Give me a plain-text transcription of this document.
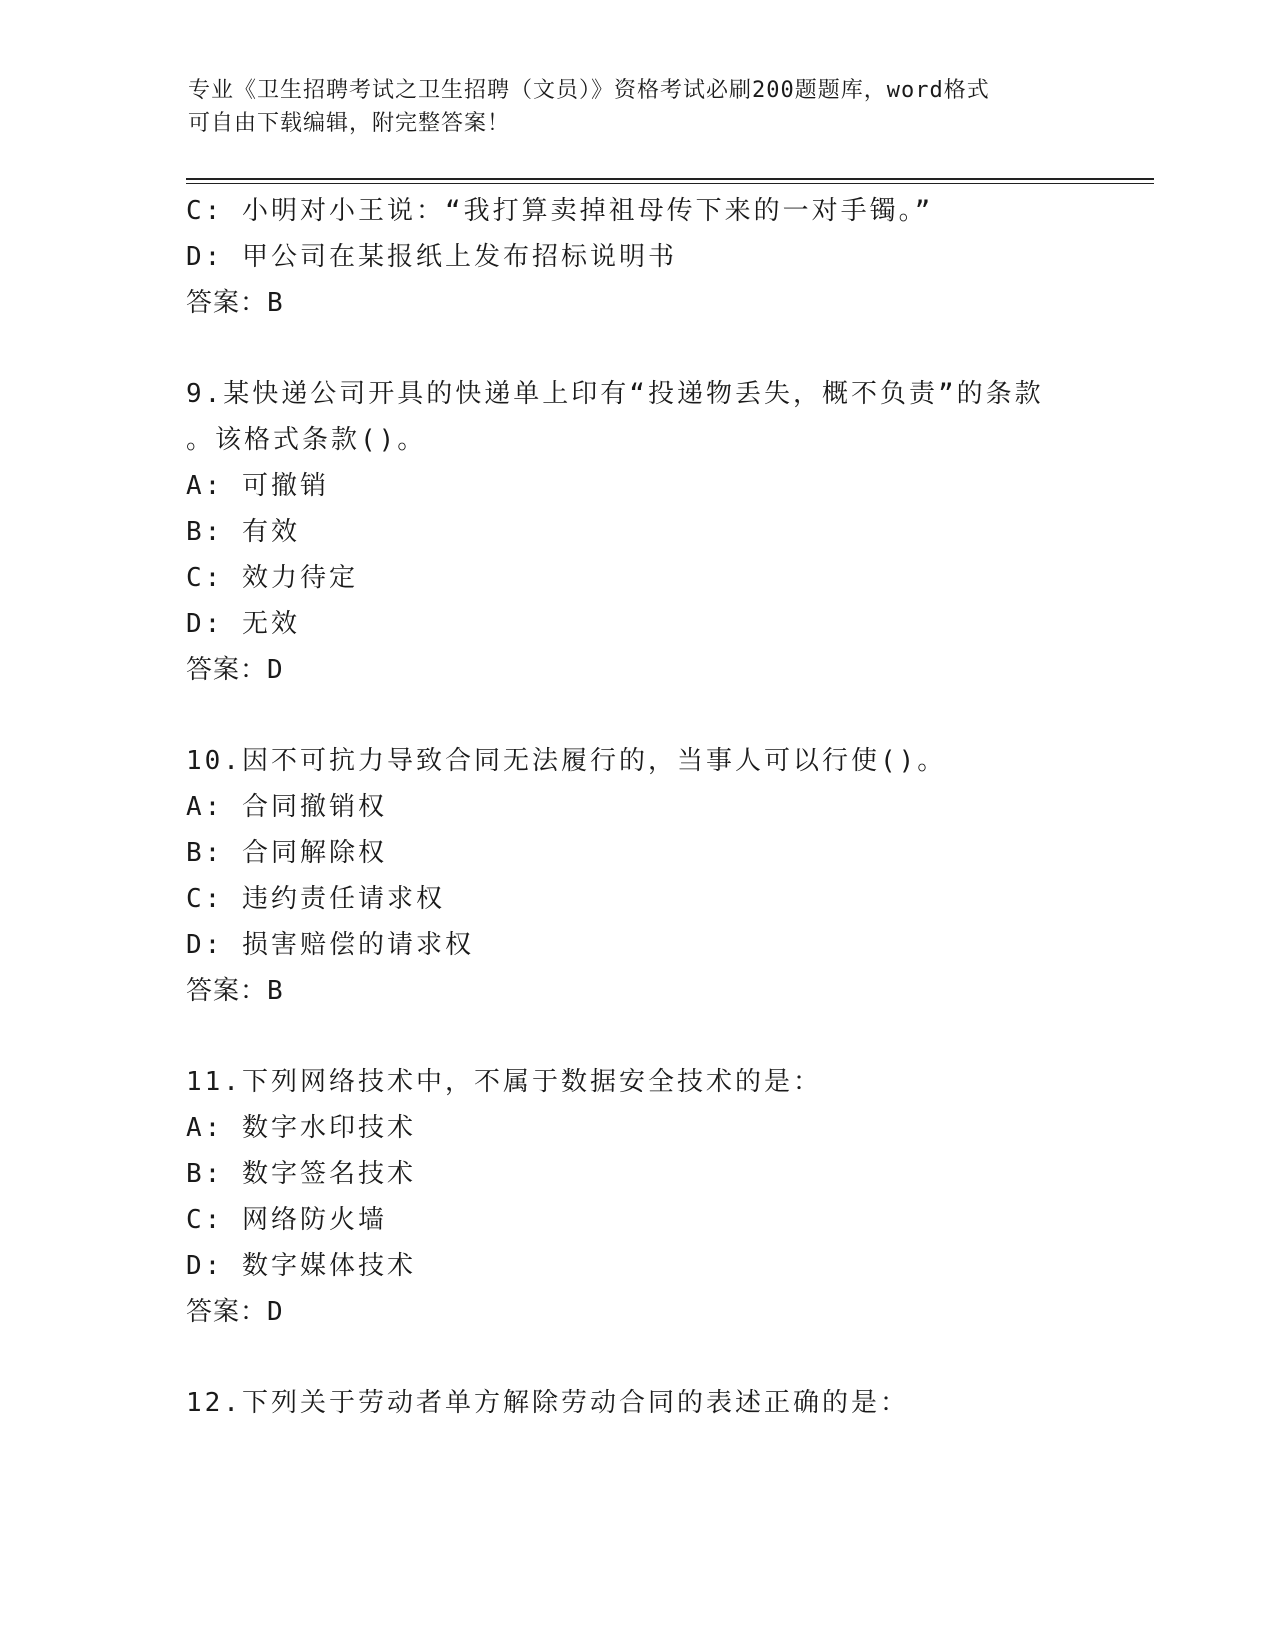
专业《卫生招聘考试之卫生招聘（文员）》资格考试必刷200题题库，word格式
可自由下载编辑，附完整答案！
C: 小明对小王说：“我打算卖掉祖母传下来的一对手镯。”
D: 甲公司在某报纸上发布招标说明书
答案：B
9.某快递公司开具的快递单上印有“投递物丢失，概不负责”的条款
。该格式条款()。
A: 可撤销
B: 有效
C: 效力待定
D: 无效
答案：D
10.因不可抗力导致合同无法履行的，当事人可以行使()。
A: 合同撤销权
B: 合同解除权
C: 违约责任请求权
D: 损害赔偿的请求权
答案：B
11.下列网络技术中，不属于数据安全技术的是：
A: 数字水印技术
B: 数字签名技术
C: 网络防火墙
D: 数字媒体技术
答案：D
12.下列关于劳动者单方解除劳动合同的表述正确的是：
